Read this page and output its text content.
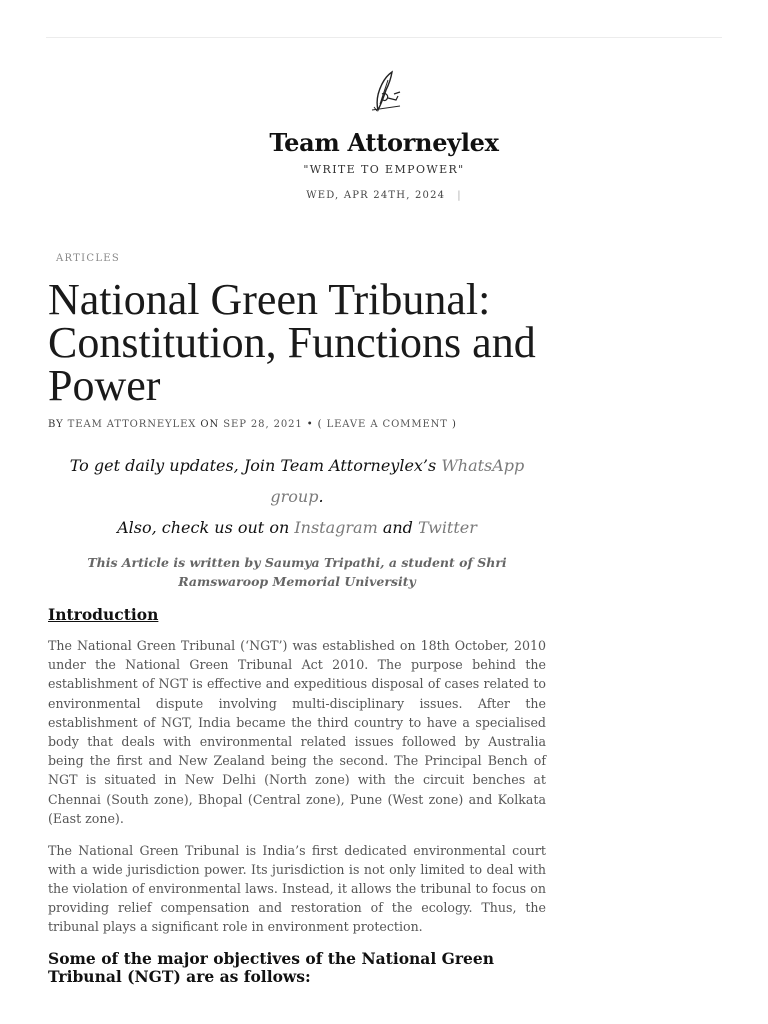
Team Attorneylex
"WRITE TO EMPOWER"
WED, APR 24TH, 2024 |
ARTICLES
National Green Tribunal: Constitution, Functions and Power
BY TEAM ATTORNEYLEX ON SEP 28, 2021 • ( LEAVE A COMMENT )
To get daily updates, Join Team Attorneylex’s WhatsApp group.
Also, check us out on Instagram and Twitter
This Article is written by Saumya Tripathi, a student of Shri Ramswaroop Memorial University
Introduction

The National Green Tribunal (‘NGT’) was established on 18th October, 2010 under the National Green Tribunal Act 2010. The purpose behind the establishment of NGT is effective and expeditious disposal of cases related to environmental dispute involving multi-disciplinary issues. After the establishment of NGT, India became the third country to have a specialised body that deals with environmental related issues followed by Australia being the first and New Zealand being the second. The Principal Bench of NGT is situated in New Delhi (North zone) with the circuit benches at Chennai (South zone), Bhopal (Central zone), Pune (West zone) and Kolkata (East zone).

The National Green Tribunal is India’s first dedicated environmental court with a wide jurisdiction power. Its jurisdiction is not only limited to deal with the violation of environmental laws. Instead, it allows the tribunal to focus on providing relief compensation and restoration of the ecology. Thus, the tribunal plays a significant role in environment protection.

Some of the major objectives of the National Green Tribunal (NGT) are as follows:
